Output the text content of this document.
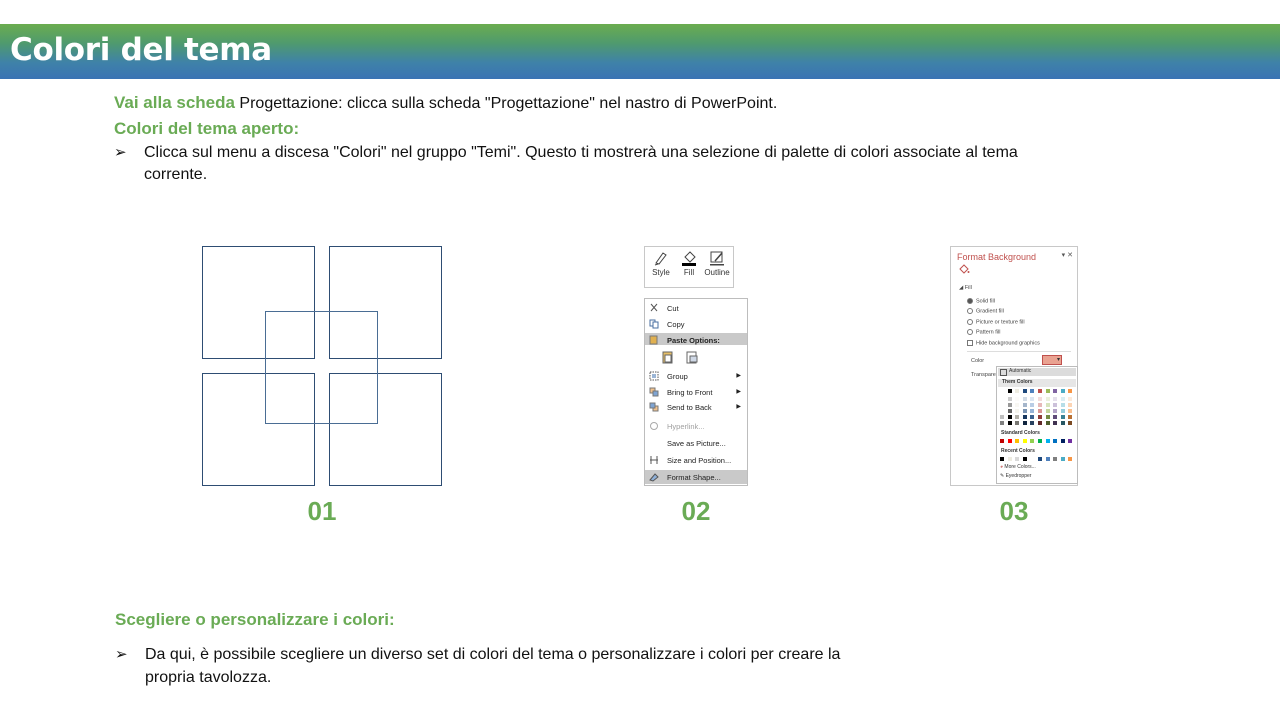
Colori del tema
Vai alla scheda Progettazione: clicca sulla scheda "Progettazione" nel nastro di PowerPoint.
Colori del tema aperto:
➢ Clicca sul menu a discesa "Colori" nel gruppo "Temi". Questo ti mostrerà una selezione di palette di colori associate al tema
corrente.
Style	Fill	Outline
Cut
Copy
Paste Options:
Group	▶
Bring to Front	▶
Send to Back	▶
Hyperlink...
Save as Picture...
Size and Position...
Format Shape...
Format Background	▾ ✕
◢ Fill
Solid fill
Gradient fill
Picture or texture fill
Pattern fill
Hide background graphics
Color
Transpare
▾
Automatic
Them Colors
Standard Colors
Recent Colors
◕ More Colors...
✎ Eyedropper
01	02	03
Scegliere o personalizzare i colori:
➢ Da qui, è possibile scegliere un diverso set di colori del tema o personalizzare i colori per creare la
propria tavolozza.
